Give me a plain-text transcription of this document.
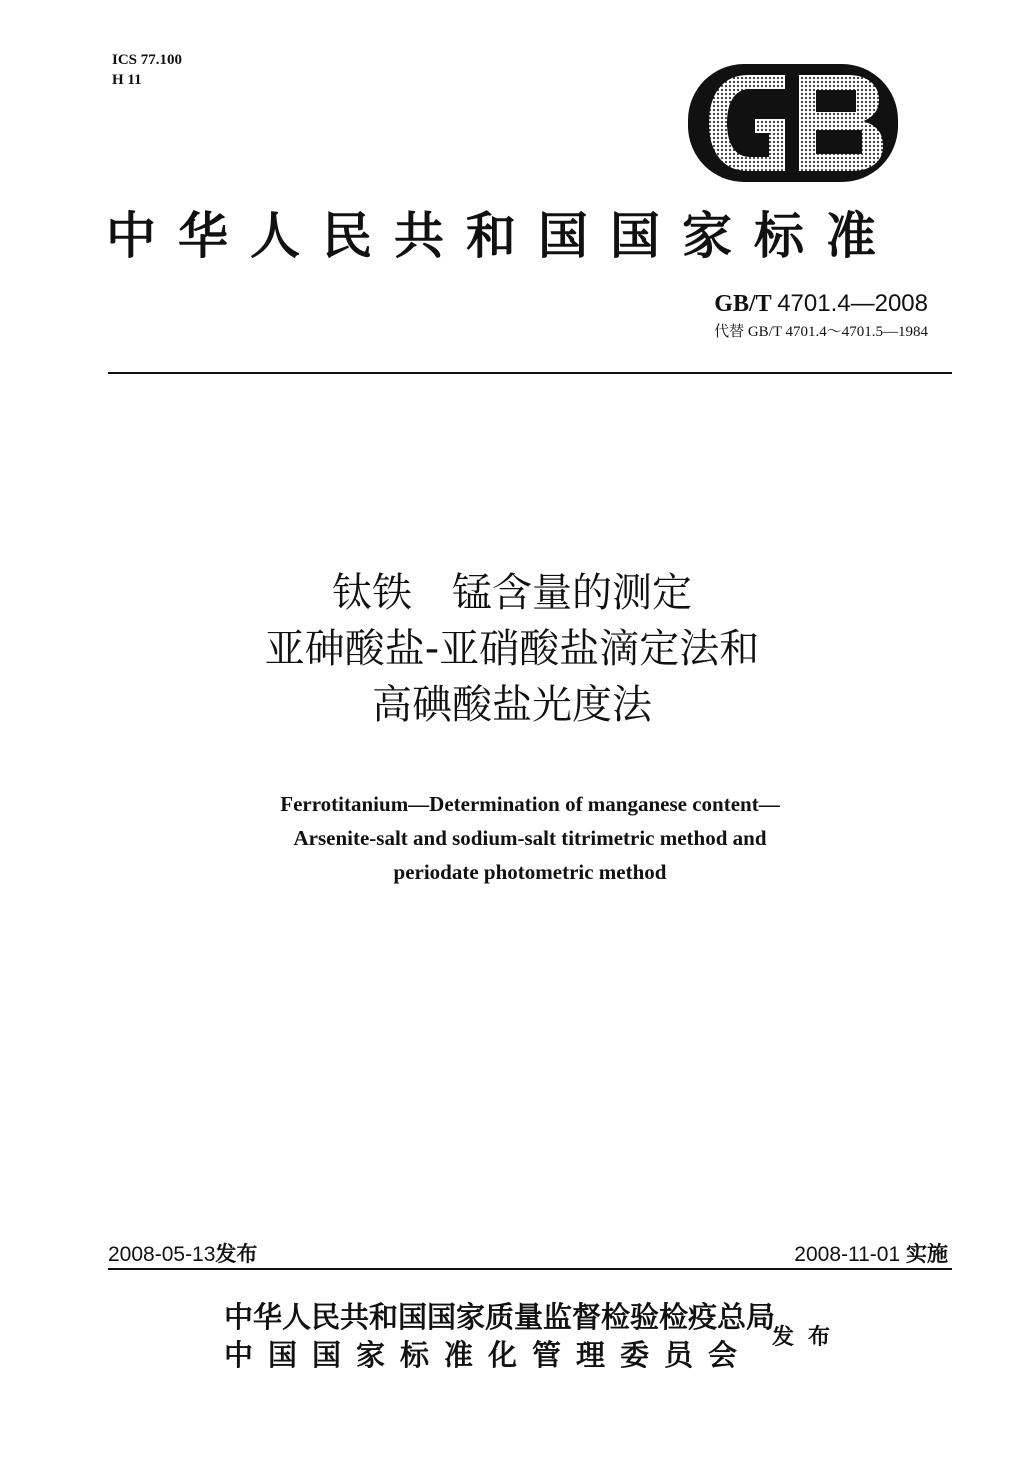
ICS 77.100
H 11
GB
中华人民共和国国家标准
GB/T 4701.4—2008
代替 GB/T 4701.4～4701.5—1984
钛铁　锰含量的测定
亚砷酸盐-亚硝酸盐滴定法和
高碘酸盐光度法
Ferrotitanium—Determination of manganese content—
Arsenite-salt and sodium-salt titrimetric method and
periodate photometric method
2008-05-13发布	2008-11-01 实施
中华人民共和国国家质量监督检验检疫总局
中国国家标准化管理委员会
发布
